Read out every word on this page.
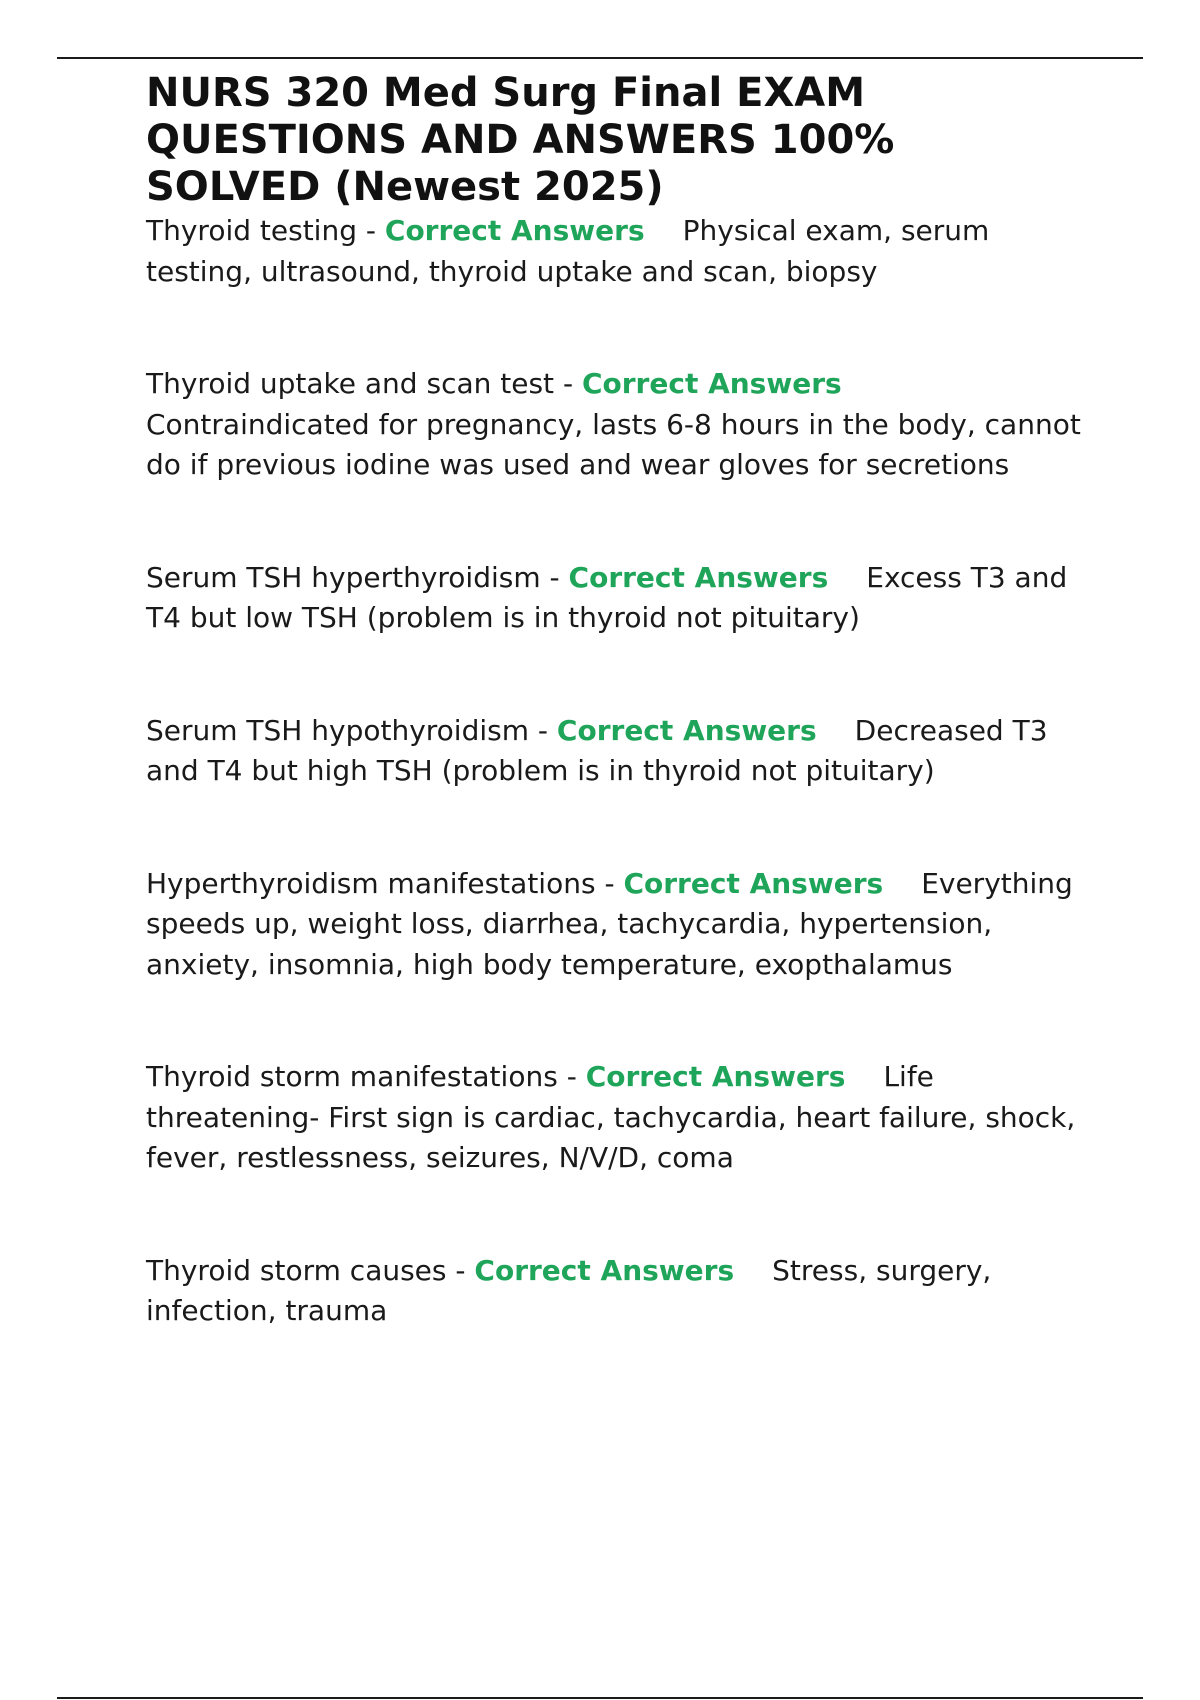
NURS 320 Med Surg Final EXAM QUESTIONS AND ANSWERS 100% SOLVED (Newest 2025)

Thyroid testing - Correct Answers Physical exam, serum testing, ultrasound, thyroid uptake and scan, biopsy

Thyroid uptake and scan test - Correct AnswersContraindicated for pregnancy, lasts 6-8 hours in the body, cannot do if previous iodine was used and wear gloves for secretions

Serum TSH hyperthyroidism - Correct Answers Excess T3 and T4 but low TSH (problem is in thyroid not pituitary)

Serum TSH hypothyroidism - Correct Answers Decreased T3 and T4 but high TSH (problem is in thyroid not pituitary)

Hyperthyroidism manifestations - Correct Answers Everything speeds up, weight loss, diarrhea, tachycardia, hypertension, anxiety, insomnia, high body temperature, exopthalamus

Thyroid storm manifestations - Correct Answers Life threatening- First sign is cardiac, tachycardia, heart failure, shock, fever, restlessness, seizures, N/V/D, coma

Thyroid storm causes - Correct Answers Stress, surgery, infection, trauma
